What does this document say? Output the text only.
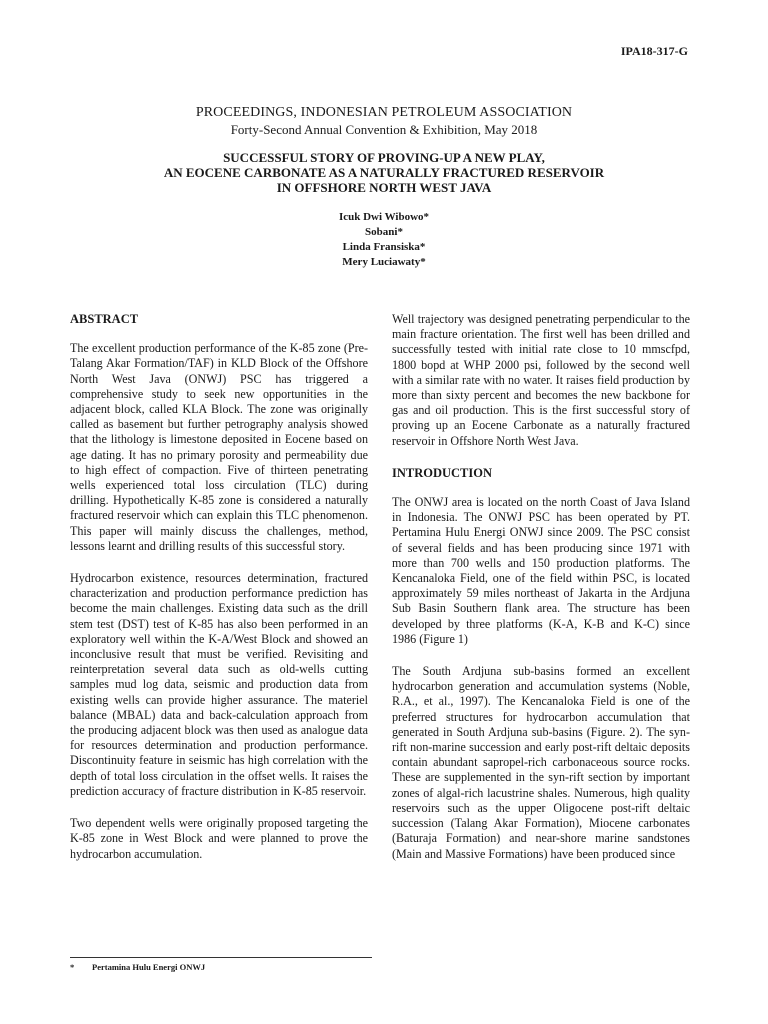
IPA18-317-G
PROCEEDINGS, INDONESIAN PETROLEUM ASSOCIATION
Forty-Second Annual Convention & Exhibition, May 2018
SUCCESSFUL STORY OF PROVING-UP A NEW PLAY,
AN EOCENE CARBONATE AS A NATURALLY FRACTURED RESERVOIR
IN OFFSHORE NORTH WEST JAVA
Icuk Dwi Wibowo*
Sobani*
Linda Fransiska*
Mery Luciawaty*
ABSTRACT

The excellent production performance of the K-85 zone (Pre-Talang Akar Formation/TAF) in KLD Block of the Offshore North West Java (ONWJ) PSC has triggered a comprehensive study to seek new opportunities in the adjacent block, called KLA Block. The zone was originally called as basement but further petrography analysis showed that the lithology is limestone deposited in Eocene based on age dating. It has no primary porosity and permeability due to high effect of compaction. Five of thirteen penetrating wells experienced total loss circulation (TLC) during drilling. Hypothetically K-85 zone is considered a naturally fractured reservoir which can explain this TLC phenomenon. This paper will mainly discuss the challenges, method, lessons learnt and drilling results of this successful story.

Hydrocarbon existence, resources determination, fractured characterization and production performance prediction has become the main challenges. Existing data such as the drill stem test (DST) test of K-85 has also been performed in an exploratory well within the K-A/West Block and showed an inconclusive result that must be verified. Revisiting and reinterpretation several data such as old-wells cutting samples mud log data, seismic and production data from existing wells can provide higher assurance. The materiel balance (MBAL) data and back-calculation approach from the producing adjacent block was then used as analogue data for resources determination and production performance. Discontinuity feature in seismic has high correlation with the depth of total loss circulation in the offset wells. It raises the prediction accuracy of fracture distribution in K-85 reservoir.

Two dependent wells were originally proposed targeting the K-85 zone in West Block and were planned to prove the hydrocarbon accumulation.

Well trajectory was designed penetrating perpendicular to the main fracture orientation. The first well has been drilled and successfully tested with initial rate close to 10 mmscfpd, 1800 bopd at WHP 2000 psi, followed by the second well with a similar rate with no water. It raises field production by more than sixty percent and becomes the new backbone for gas and oil production. This is the first successful story of proving up an Eocene Carbonate as a naturally fractured reservoir in Offshore North West Java.

INTRODUCTION

The ONWJ area is located on the north Coast of Java Island in Indonesia. The ONWJ PSC has been operated by PT. Pertamina Hulu Energi ONWJ since 2009. The PSC consist of several fields and has been producing since 1971 with more than 700 wells and 150 production platforms. The Kencanaloka Field, one of the field within PSC, is located approximately 59 miles northeast of Jakarta in the Ardjuna Sub Basin Southern flank area. The structure has been developed by three platforms (K-A, K-B and K-C) since 1986 (Figure 1)

The South Ardjuna sub-basins formed an excellent hydrocarbon generation and accumulation systems (Noble, R.A., et al., 1997). The Kencanaloka Field is one of the preferred structures for hydrocarbon accumulation that generated in South Ardjuna sub-basins (Figure. 2). The syn-rift non-marine succession and early post-rift deltaic deposits contain abundant sapropel-rich carbonaceous source rocks. These are supplemented in the syn-rift section by important zones of algal-rich lacustrine shales. Numerous, high quality reservoirs such as the upper Oligocene post-rift deltaic succession (Talang Akar Formation), Miocene carbonates (Baturaja Formation) and near-shore marine sandstones (Main and Massive Formations) have been produced since

* Pertamina Hulu Energi ONWJ
